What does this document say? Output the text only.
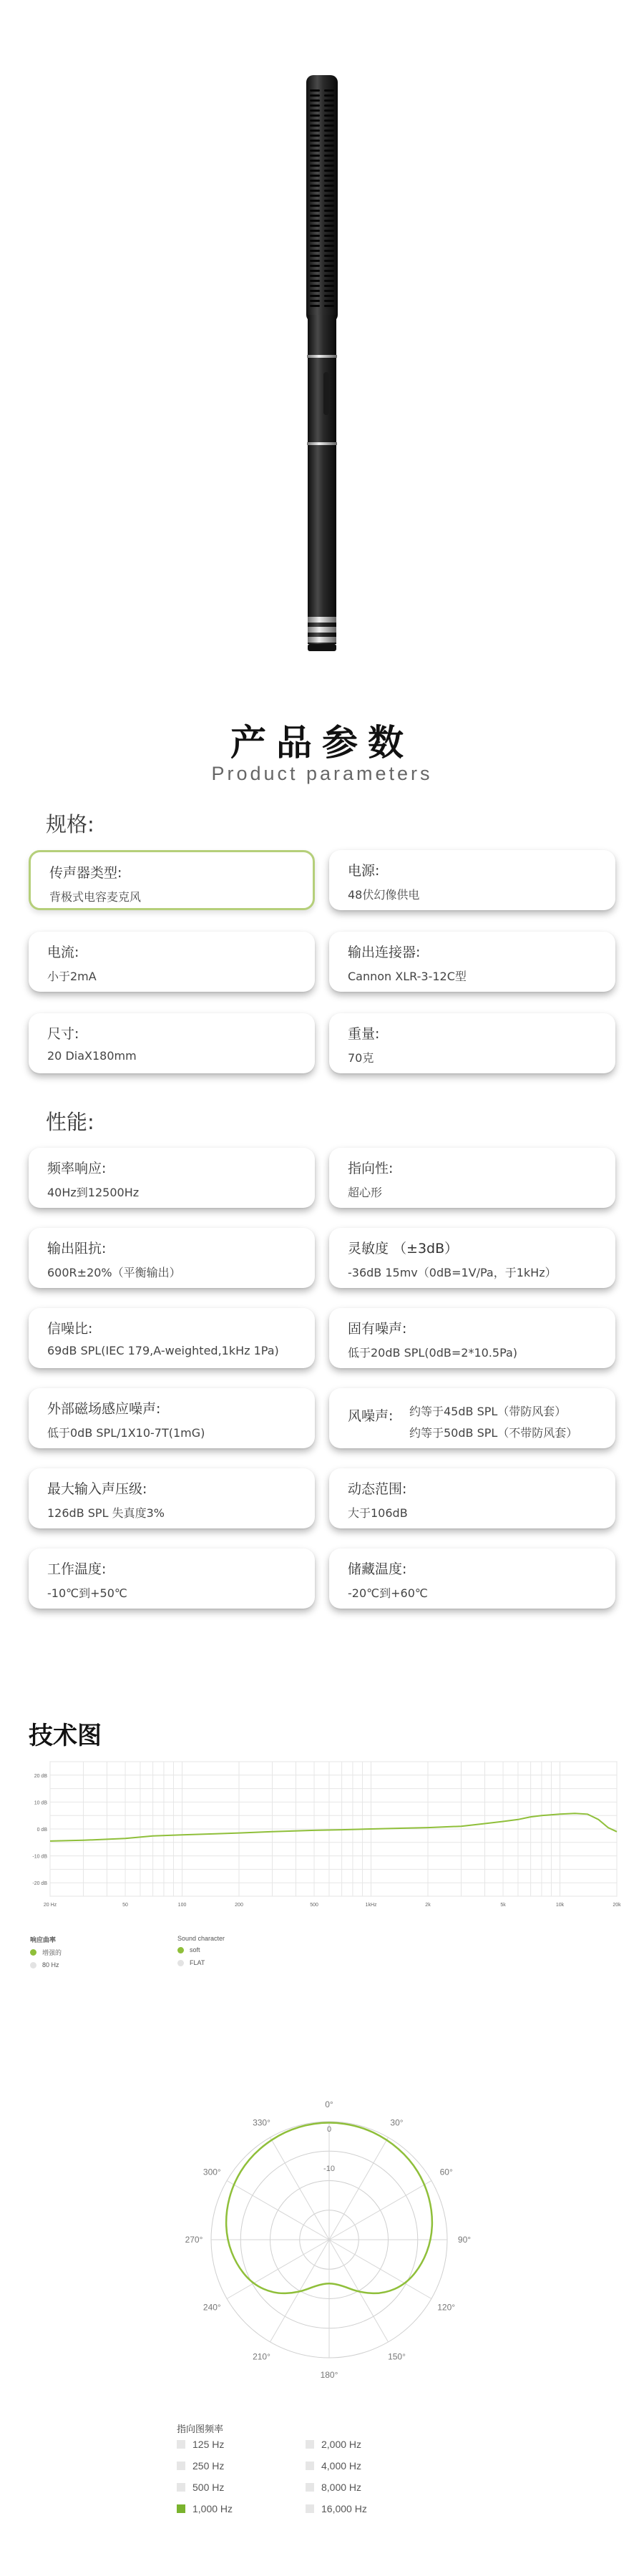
产品参数
Product parameters
规格:
传声器类型:
背极式电容麦克风
电源:
48伏幻像供电
电流:
小于2mA
输出连接器:
Cannon XLR-3-12C型
尺寸:
20 DiaX180mm
重量:
70克
性能:
频率响应:
40Hz到12500Hz
指向性:
超心形
输出阻抗:
600R±20%（平衡输出）
灵敏度 （±3dB）
-36dB 15mv（0dB=1V/Pa，于1kHz）
信噪比:
69dB SPL(IEC 179,A-weighted,1kHz 1Pa)
固有噪声:
低于20dB SPL(0dB=2*10.5Pa)
外部磁场感应噪声:
低于0dB SPL/1X10-7T(1mG)
风噪声: 约等于45dB SPL（带防风套）
约等于50dB SPL（不带防风套）
最大输入声压级:
126dB SPL 失真度3%
动态范围:
大于106dB
工作温度:
-10℃到+50℃
储藏温度:
-20℃到+60℃
技术图
20 dB
10 dB
0 dB
-10 dB
-20 dB
20 Hz	50	100	200	500	1kHz	2k	5k	10k	20k
响应曲率
增强的
80 Hz
Sound character
soft
FLAT
0°
30°
60°
90°
120°
150°
180°
210°
240°
270°
300°
330°
0
-10
指向图频率
125 Hz	2,000 Hz
250 Hz	4,000 Hz
500 Hz	8,000 Hz
1,000 Hz	16,000 Hz
